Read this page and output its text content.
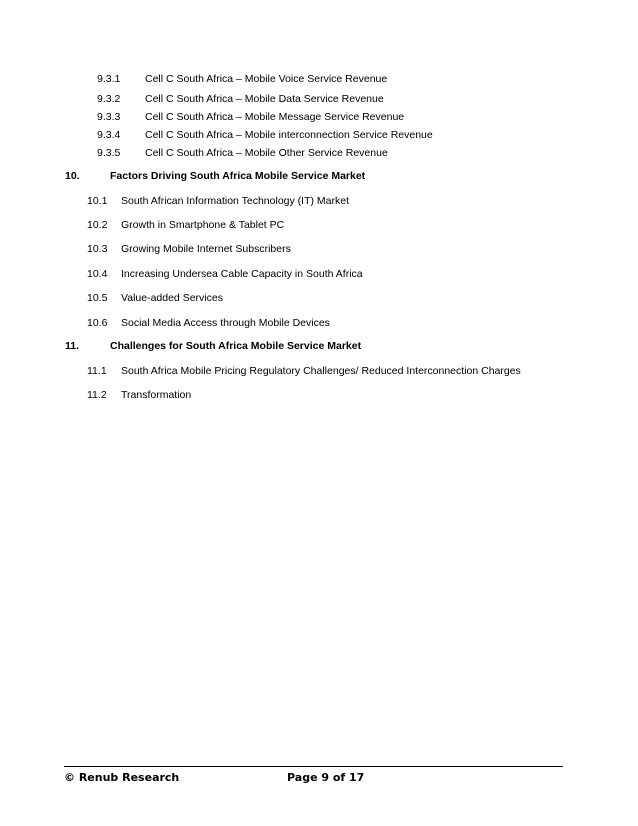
9.3.1 Cell C South Africa – Mobile Voice Service Revenue
9.3.2 Cell C South Africa – Mobile Data Service Revenue
9.3.3 Cell C South Africa – Mobile Message Service Revenue
9.3.4 Cell C South Africa – Mobile interconnection Service Revenue
9.3.5 Cell C South Africa – Mobile Other Service Revenue
10.	Factors Driving South Africa Mobile Service Market
10.1 South African Information Technology (IT) Market
10.2 Growth in Smartphone & Tablet PC
10.3 Growing Mobile Internet Subscribers
10.4 Increasing Undersea Cable Capacity in South Africa
10.5 Value-added Services
10.6 Social Media Access through Mobile Devices
11.	Challenges for South Africa Mobile Service Market
11.1 South Africa Mobile Pricing Regulatory Challenges/ Reduced Interconnection Charges
11.2 Transformation
© Renub Research	Page 9 of 17
